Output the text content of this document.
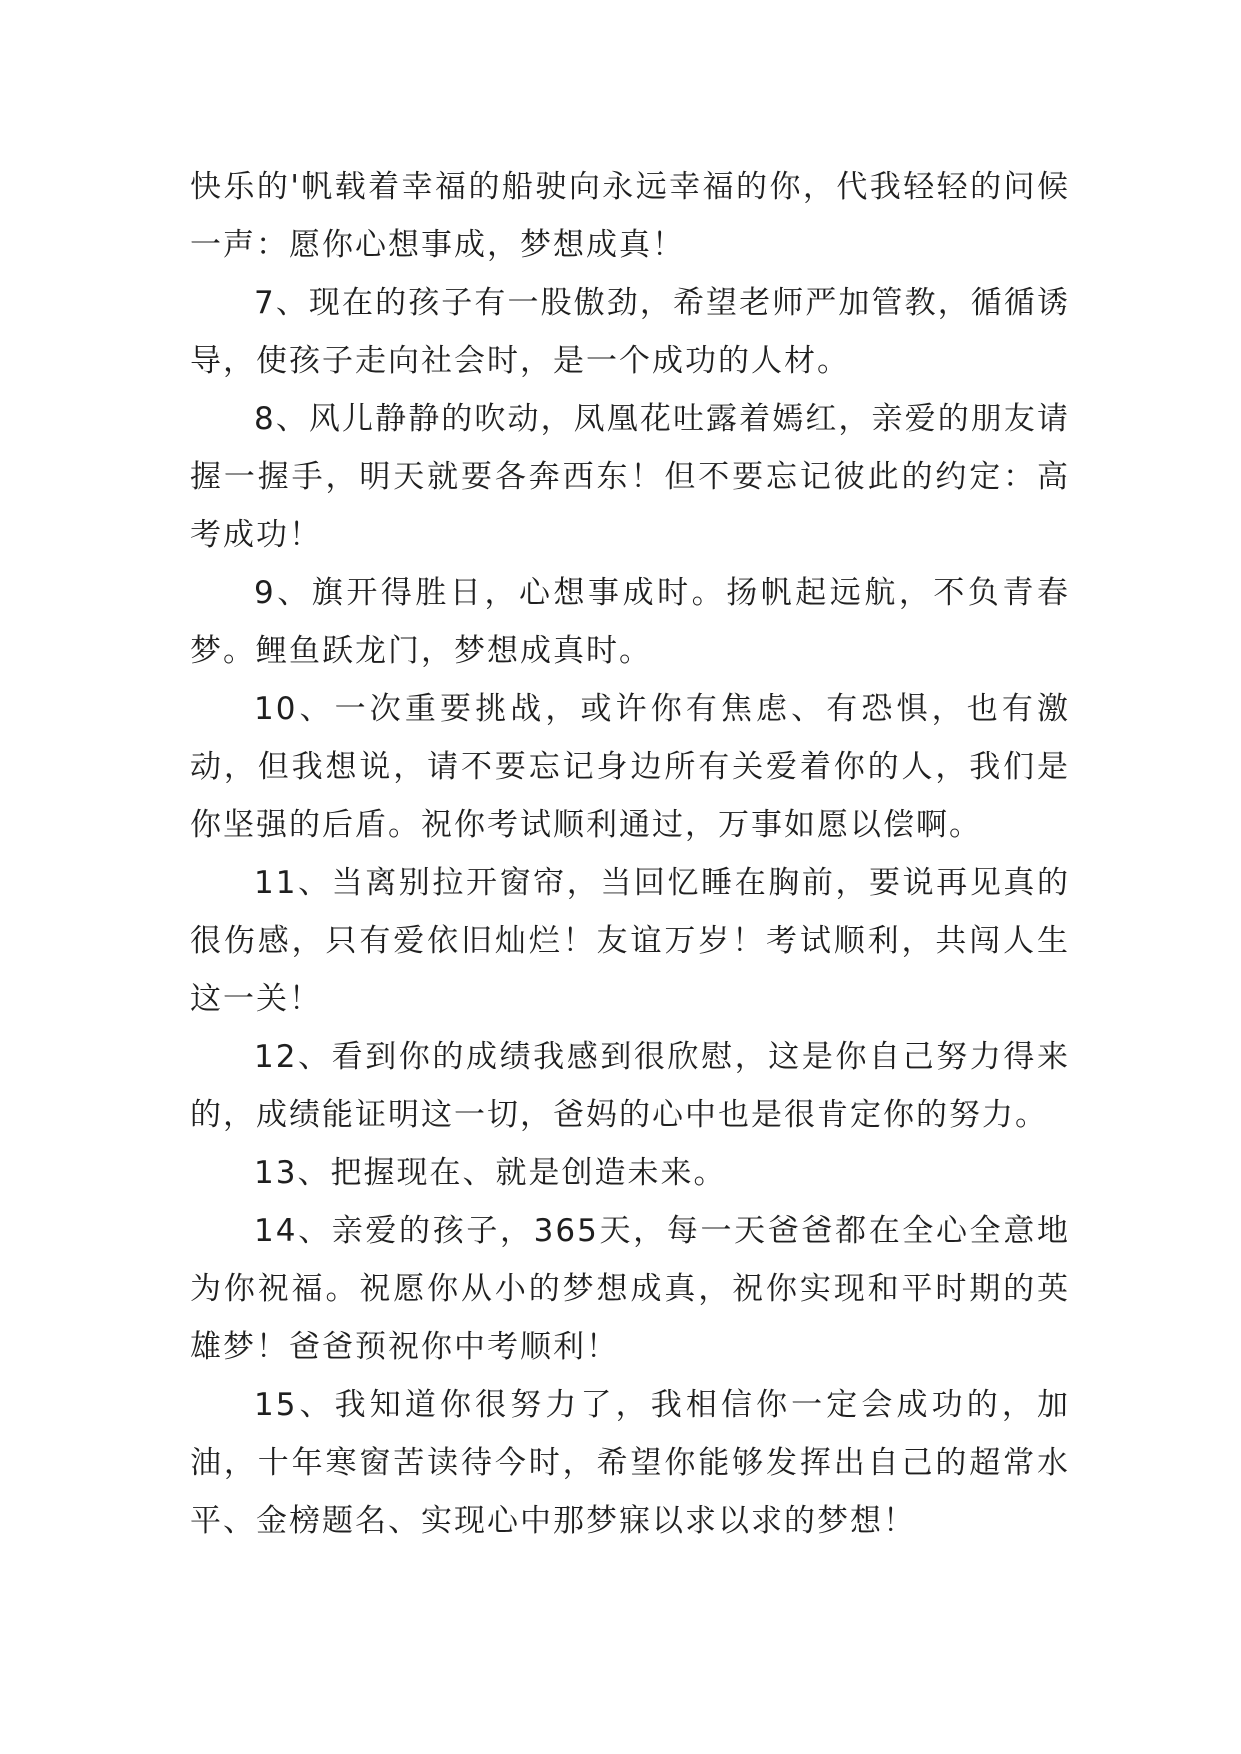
快乐的'帆载着幸福的船驶向永远幸福的你，代我轻轻的问候一声：愿你心想事成，梦想成真！

7、现在的孩子有一股傲劲，希望老师严加管教，循循诱导，使孩子走向社会时，是一个成功的人材。

8、风儿静静的吹动，凤凰花吐露着嫣红，亲爱的朋友请握一握手，明天就要各奔西东！但不要忘记彼此的约定：高考成功！

9、旗开得胜日，心想事成时。扬帆起远航，不负青春梦。鲤鱼跃龙门，梦想成真时。

10、一次重要挑战，或许你有焦虑、有恐惧，也有激动，但我想说，请不要忘记身边所有关爱着你的人，我们是你坚强的后盾。祝你考试顺利通过，万事如愿以偿啊。

11、当离别拉开窗帘，当回忆睡在胸前，要说再见真的很伤感，只有爱依旧灿烂！友谊万岁！考试顺利，共闯人生这一关！

12、看到你的成绩我感到很欣慰，这是你自己努力得来的，成绩能证明这一切，爸妈的心中也是很肯定你的努力。

13、把握现在、就是创造未来。

14、亲爱的孩子，365天，每一天爸爸都在全心全意地为你祝福。祝愿你从小的梦想成真，祝你实现和平时期的英雄梦！爸爸预祝你中考顺利！

15、我知道你很努力了，我相信你一定会成功的，加油，十年寒窗苦读待今时，希望你能够发挥出自己的超常水平、金榜题名、实现心中那梦寐以求以求的梦想！
